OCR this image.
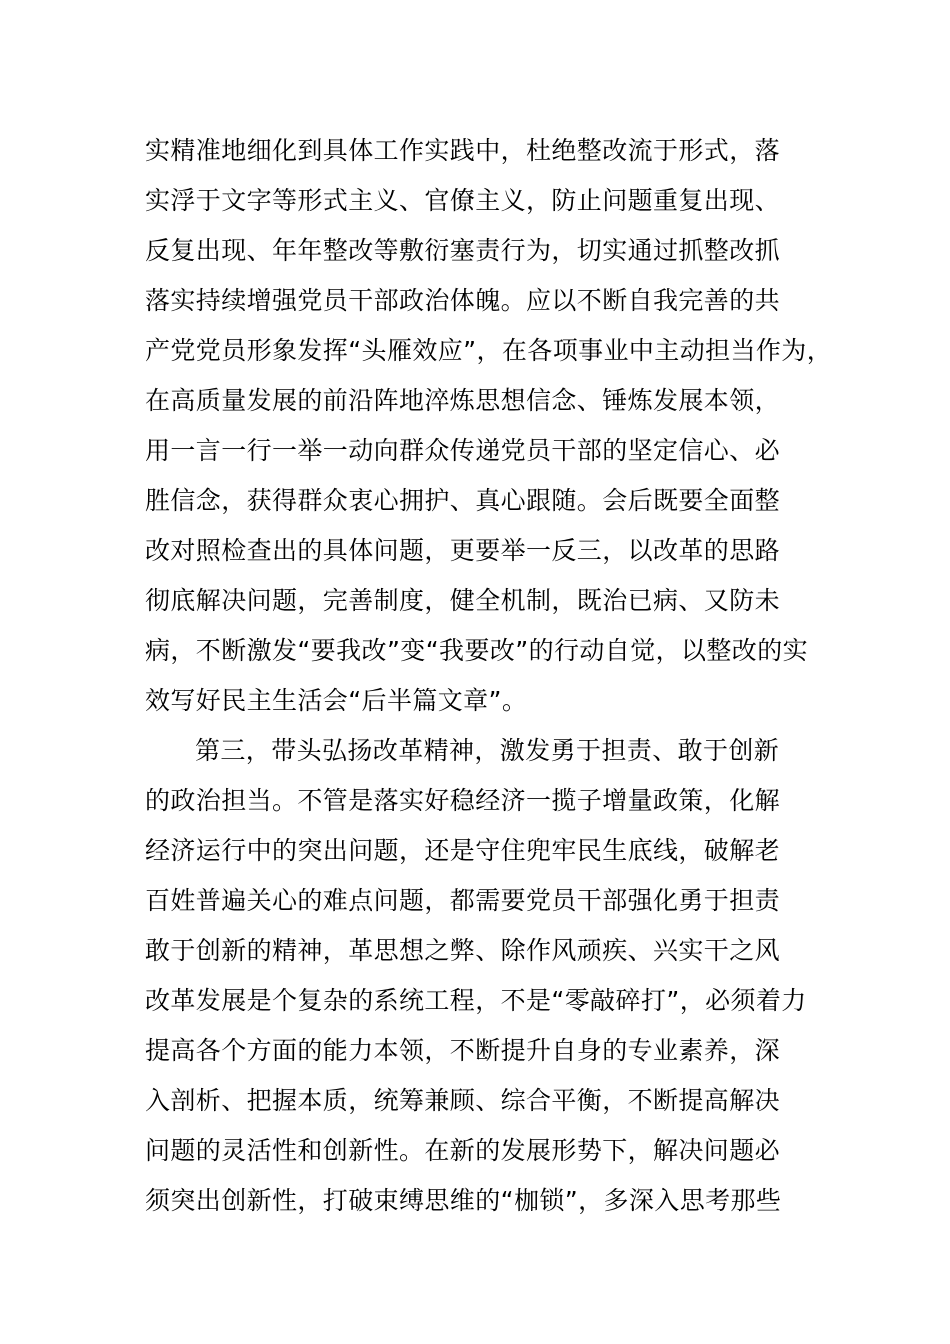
实精准地细化到具体工作实践中，杜绝整改流于形式，落
实浮于文字等形式主义、官僚主义，防止问题重复出现、
反复出现、年年整改等敷衍塞责行为，切实通过抓整改抓
落实持续增强党员干部政治体魄。应以不断自我完善的共
产党党员形象发挥“头雁效应”，在各项事业中主动担当作为，
在高质量发展的前沿阵地淬炼思想信念、锤炼发展本领，
用一言一行一举一动向群众传递党员干部的坚定信心、必
胜信念，获得群众衷心拥护、真心跟随。会后既要全面整
改对照检查出的具体问题，更要举一反三，以改革的思路
彻底解决问题，完善制度，健全机制，既治已病、又防未
病，不断激发“要我改”变“我要改”的行动自觉，以整改的实
效写好民主生活会“后半篇文章”。
第三，带头弘扬改革精神，激发勇于担责、敢于创新
的政治担当。不管是落实好稳经济一揽子增量政策，化解
经济运行中的突出问题，还是守住兜牢民生底线，破解老
百姓普遍关心的难点问题，都需要党员干部强化勇于担责
敢于创新的精神，革思想之弊、除作风顽疾、兴实干之风
改革发展是个复杂的系统工程，不是“零敲碎打”，必须着力
提高各个方面的能力本领，不断提升自身的专业素养，深
入剖析、把握本质，统筹兼顾、综合平衡，不断提高解决
问题的灵活性和创新性。在新的发展形势下，解决问题必
须突出创新性，打破束缚思维的“枷锁”，多深入思考那些
